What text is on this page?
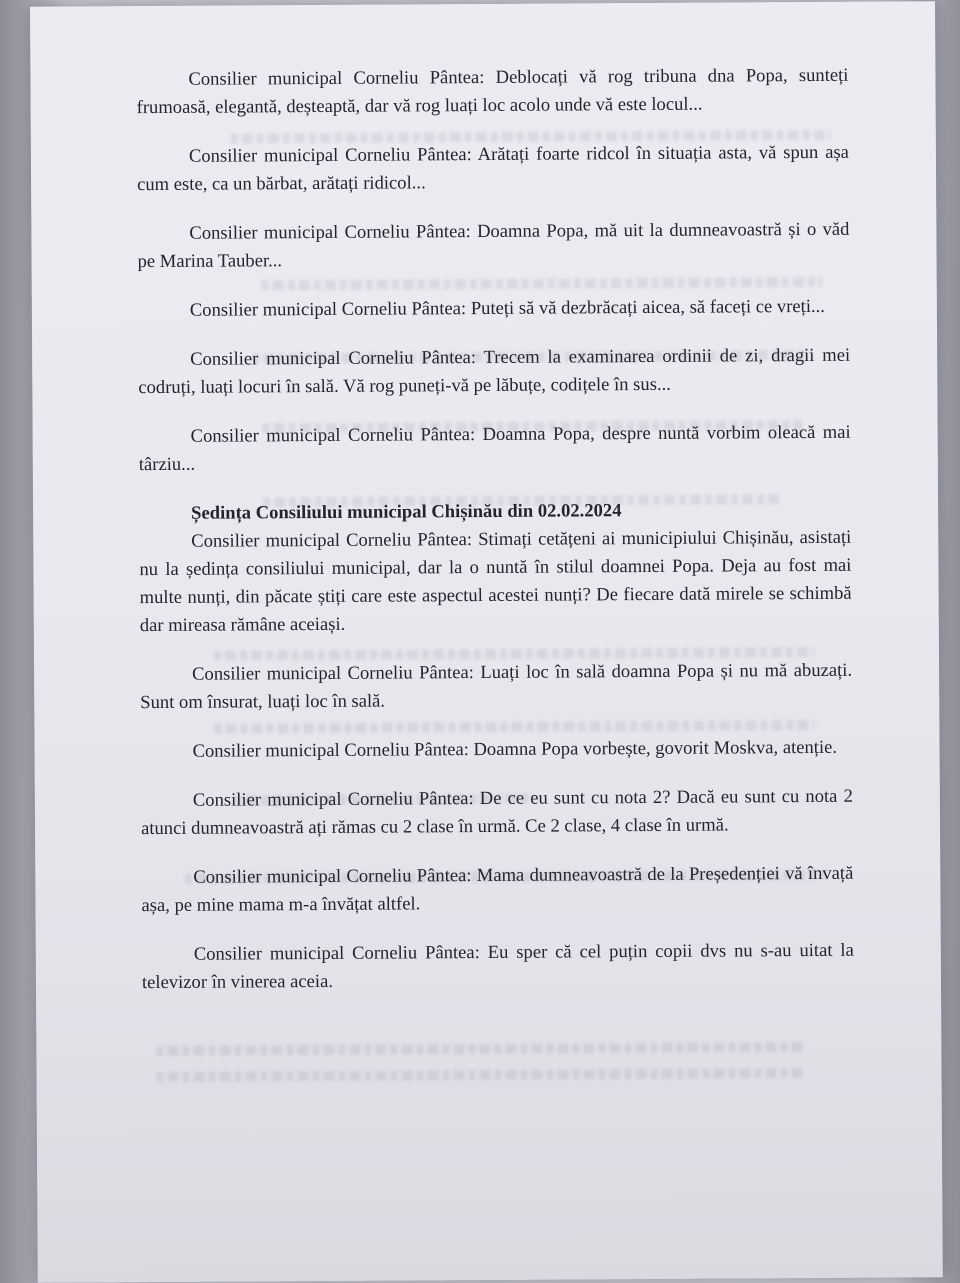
Consilier municipal Corneliu Pântea: Deblocați vă rog tribuna dna Popa, sunteți frumoasă, elegantă, deșteaptă, dar vă rog luați loc acolo unde vă este locul...

Consilier municipal Corneliu Pântea: Arătați foarte ridcol în situația asta, vă spun așa cum este, ca un bărbat, arătați ridicol...

Consilier municipal Corneliu Pântea: Doamna Popa, mă uit la dumneavoastră și o văd pe Marina Tauber...

Consilier municipal Corneliu Pântea: Puteți să vă dezbrăcați aicea, să faceți ce vreți...

Consilier municipal Corneliu Pântea: Trecem la examinarea ordinii de zi, dragii mei codruți, luați locuri în sală. Vă rog puneți-vă pe lăbuțe, codițele în sus...

Consilier municipal Corneliu Pântea: Doamna Popa, despre nuntă vorbim oleacă mai târziu...

Ședința Consiliului municipal Chișinău din 02.02.2024

Consilier municipal Corneliu Pântea: Stimați cetățeni ai municipiului Chișinău, asistați nu la ședința consiliului municipal, dar la o nuntă în stilul doamnei Popa. Deja au fost mai multe nunți, din păcate știți care este aspectul acestei nunți? De fiecare dată mirele se schimbă dar mireasa rămâne aceiași.

Consilier municipal Corneliu Pântea: Luați loc în sală doamna Popa și nu mă abuzați. Sunt om însurat, luați loc în sală.

Consilier municipal Corneliu Pântea: Doamna Popa vorbește, govorit Moskva, atenție.

Consilier municipal Corneliu Pântea: De ce eu sunt cu nota 2? Dacă eu sunt cu nota 2 atunci dumneavoastră ați rămas cu 2 clase în urmă. Ce 2 clase, 4 clase în urmă.

Consilier municipal Corneliu Pântea: Mama dumneavoastră de la Președenției vă învață așa, pe mine mama m-a învățat altfel.

Consilier municipal Corneliu Pântea: Eu sper că cel puțin copii dvs nu s-au uitat la televizor în vinerea aceia.
